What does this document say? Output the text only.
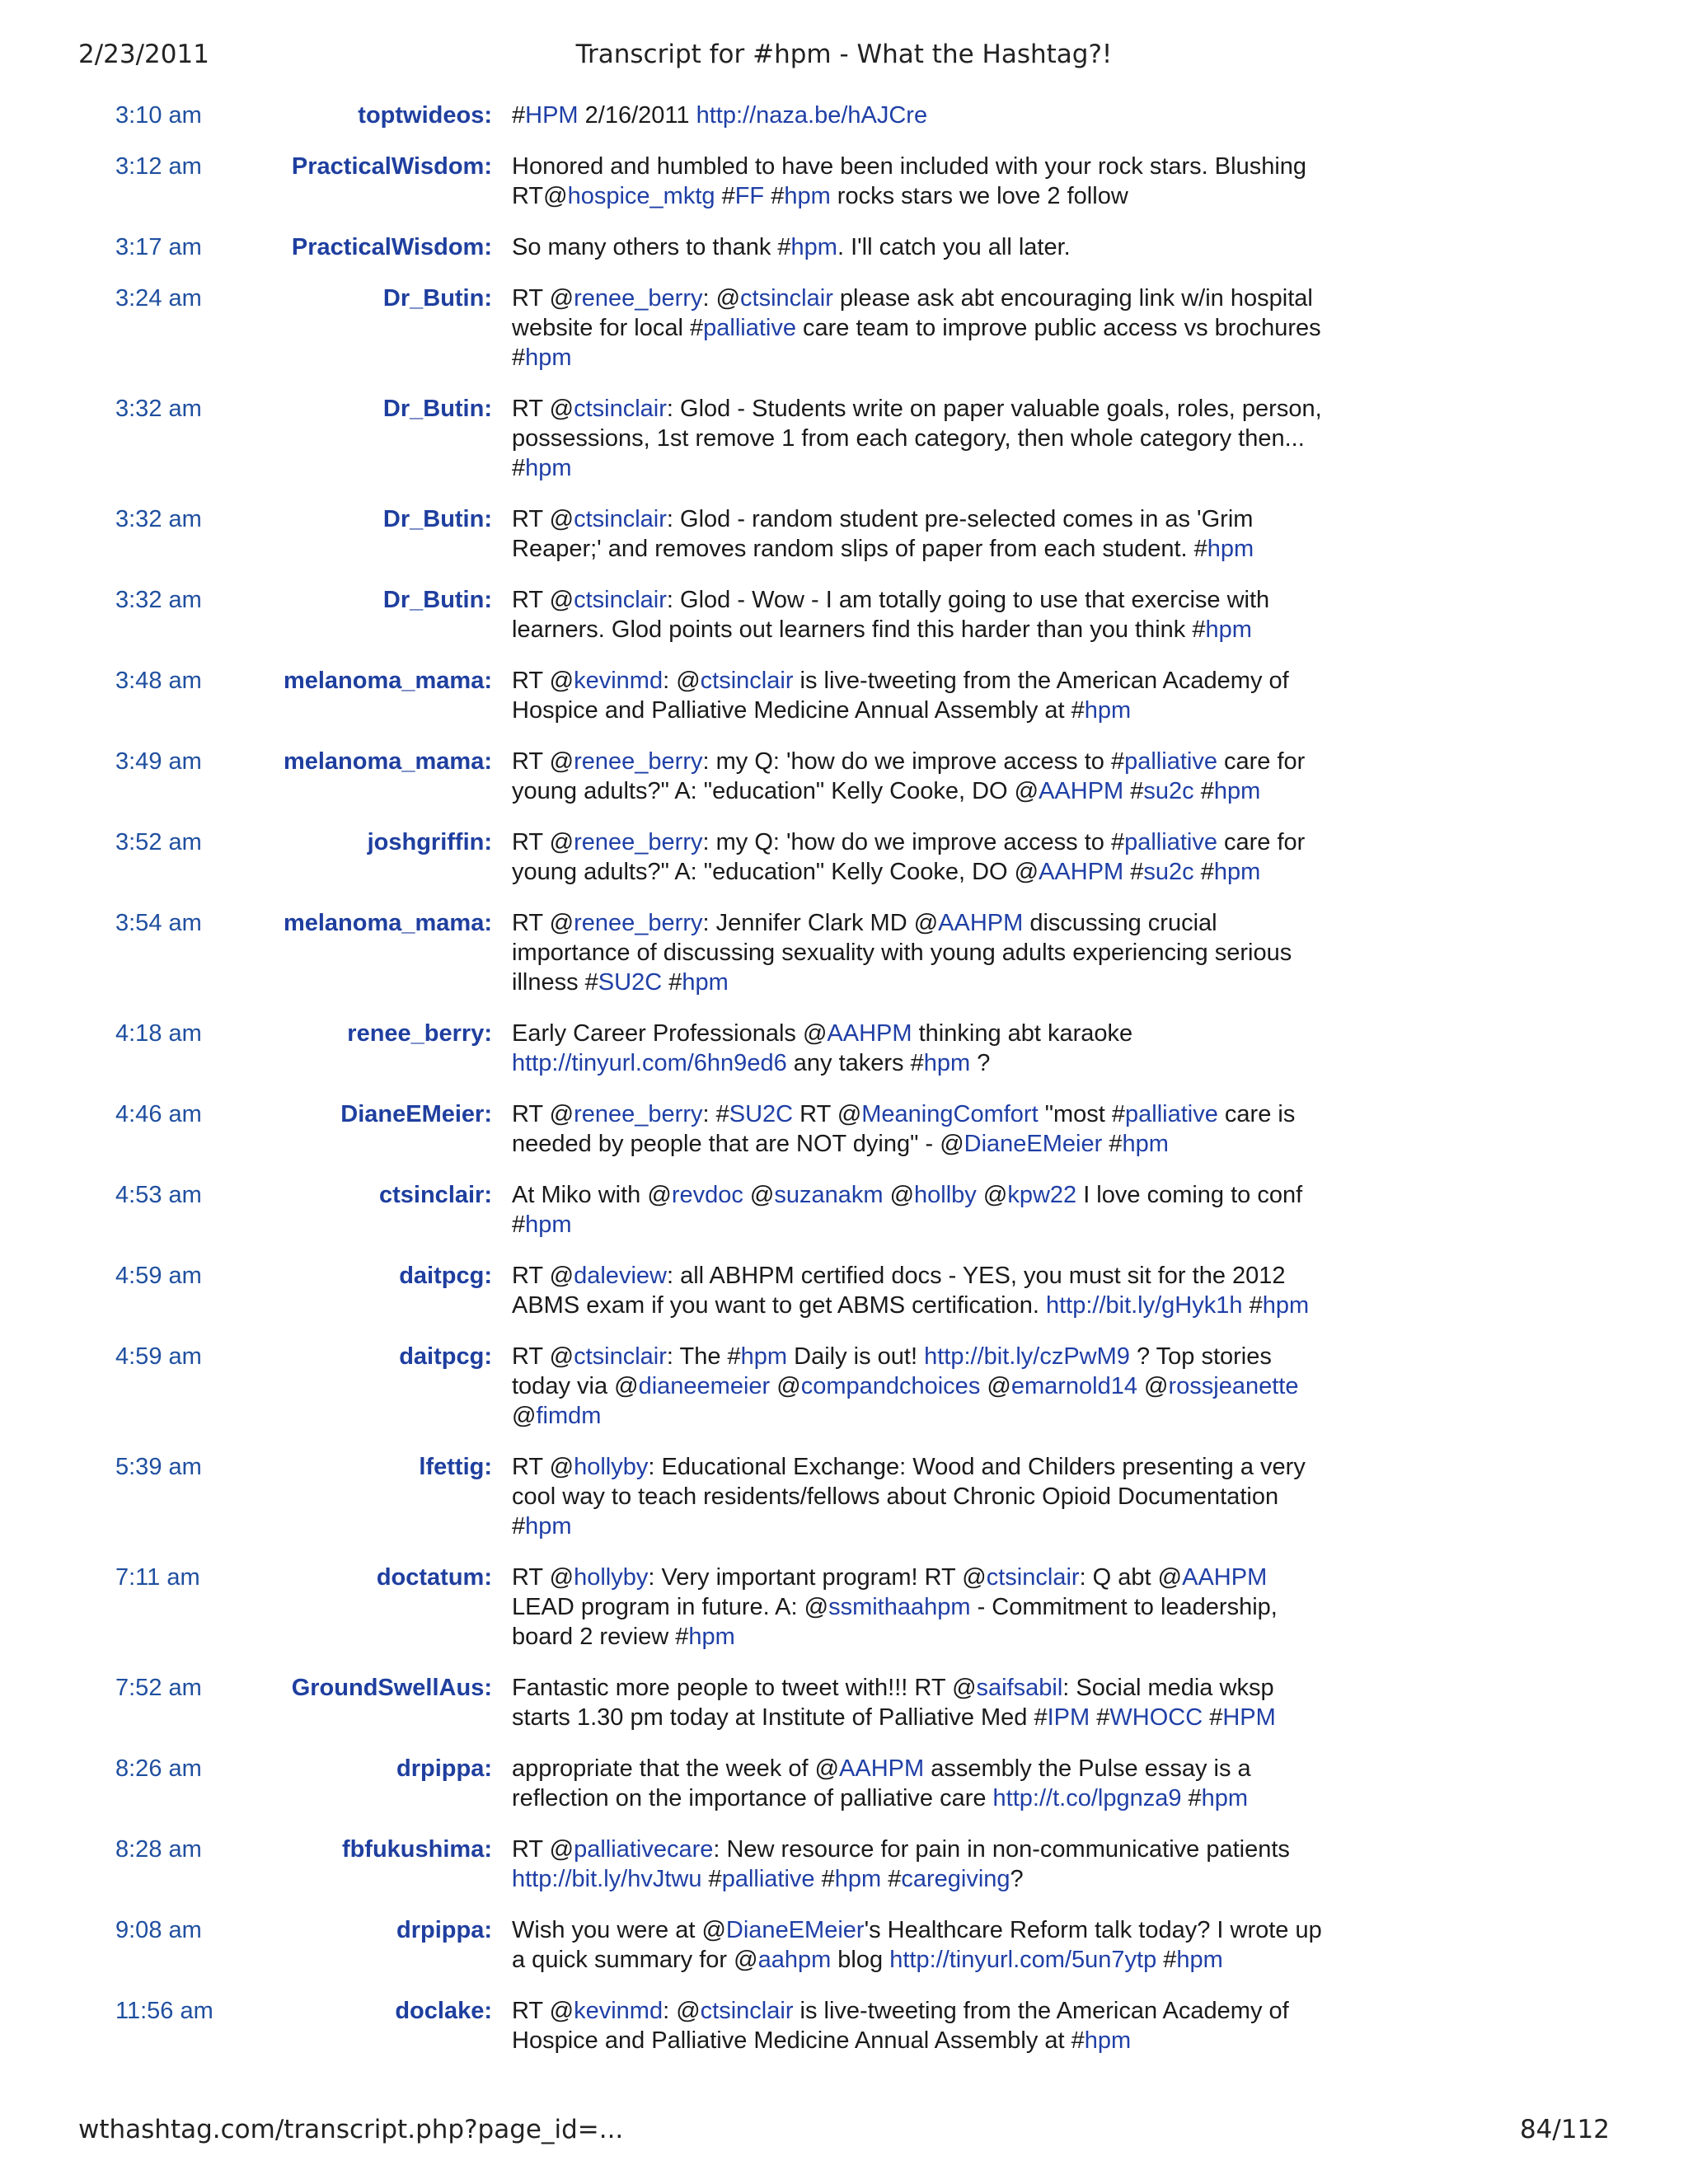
2/23/2011	Transcript for #hpm - What the Hashtag?!
3:10 am	toptwideos: #HPM 2/16/2011 http://naza.be/hAJCre
3:12 am	PracticalWisdom: Honored and humbled to have been included with your rock stars. Blushing RT@hospice_mktg #FF #hpm rocks stars we love 2 follow
3:17 am	PracticalWisdom: So many others to thank #hpm. I'll catch you all later.
3:24 am	Dr_Butin: RT @renee_berry: @ctsinclair please ask abt encouraging link w/in hospital website for local #palliative care team to improve public access vs brochures #hpm
3:32 am	Dr_Butin: RT @ctsinclair: Glod - Students write on paper valuable goals, roles, person, possessions, 1st remove 1 from each category, then whole category then... #hpm
3:32 am	Dr_Butin: RT @ctsinclair: Glod - random student pre-selected comes in as 'Grim Reaper;' and removes random slips of paper from each student. #hpm
3:32 am	Dr_Butin: RT @ctsinclair: Glod - Wow - I am totally going to use that exercise with learners. Glod points out learners find this harder than you think #hpm
3:48 am	melanoma_mama: RT @kevinmd: @ctsinclair is live-tweeting from the American Academy of Hospice and Palliative Medicine Annual Assembly at #hpm
3:49 am	melanoma_mama: RT @renee_berry: my Q: 'how do we improve access to #palliative care for young adults?" A: "education" Kelly Cooke, DO @AAHPM #su2c #hpm
3:52 am	joshgriffin: RT @renee_berry: my Q: 'how do we improve access to #palliative care for young adults?" A: "education" Kelly Cooke, DO @AAHPM #su2c #hpm
3:54 am	melanoma_mama: RT @renee_berry: Jennifer Clark MD @AAHPM discussing crucial importance of discussing sexuality with young adults experiencing serious illness #SU2C #hpm
4:18 am	renee_berry: Early Career Professionals @AAHPM thinking abt karaoke http://tinyurl.com/6hn9ed6 any takers #hpm ?
4:46 am	DianeEMeier: RT @renee_berry: #SU2C RT @MeaningComfort "most #palliative care is needed by people that are NOT dying" - @DianeEMeier #hpm
4:53 am	ctsinclair: At Miko with @revdoc @suzanakm @hollby @kpw22 I love coming to conf #hpm
4:59 am	daitpcg: RT @daleview: all ABHPM certified docs - YES, you must sit for the 2012 ABMS exam if you want to get ABMS certification. http://bit.ly/gHyk1h #hpm
4:59 am	daitpcg: RT @ctsinclair: The #hpm Daily is out! http://bit.ly/czPwM9 ? Top stories today via @dianeemeier @compandchoices @emarnold14 @rossjeanette @fimdm
5:39 am	lfettig: RT @hollyby: Educational Exchange: Wood and Childers presenting a very cool way to teach residents/fellows about Chronic Opioid Documentation #hpm
7:11 am	doctatum: RT @hollyby: Very important program! RT @ctsinclair: Q abt @AAHPM LEAD program in future. A: @ssmithaahpm - Commitment to leadership, board 2 review #hpm
7:52 am	GroundSwellAus: Fantastic more people to tweet with!!! RT @saifsabil: Social media wksp starts 1.30 pm today at Institute of Palliative Med #IPM #WHOCC #HPM
8:26 am	drpippa: appropriate that the week of @AAHPM assembly the Pulse essay is a reflection on the importance of palliative care http://t.co/lpgnza9 #hpm
8:28 am	fbfukushima: RT @palliativecare: New resource for pain in non-communicative patients http://bit.ly/hvJtwu #palliative #hpm #caregiving?
9:08 am	drpippa: Wish you were at @DianeEMeier's Healthcare Reform talk today? I wrote up a quick summary for @aahpm blog http://tinyurl.com/5un7ytp #hpm
11:56 am	doclake: RT @kevinmd: @ctsinclair is live-tweeting from the American Academy of Hospice and Palliative Medicine Annual Assembly at #hpm
wthashtag.com/transcript.php?page_id=...	84/112
